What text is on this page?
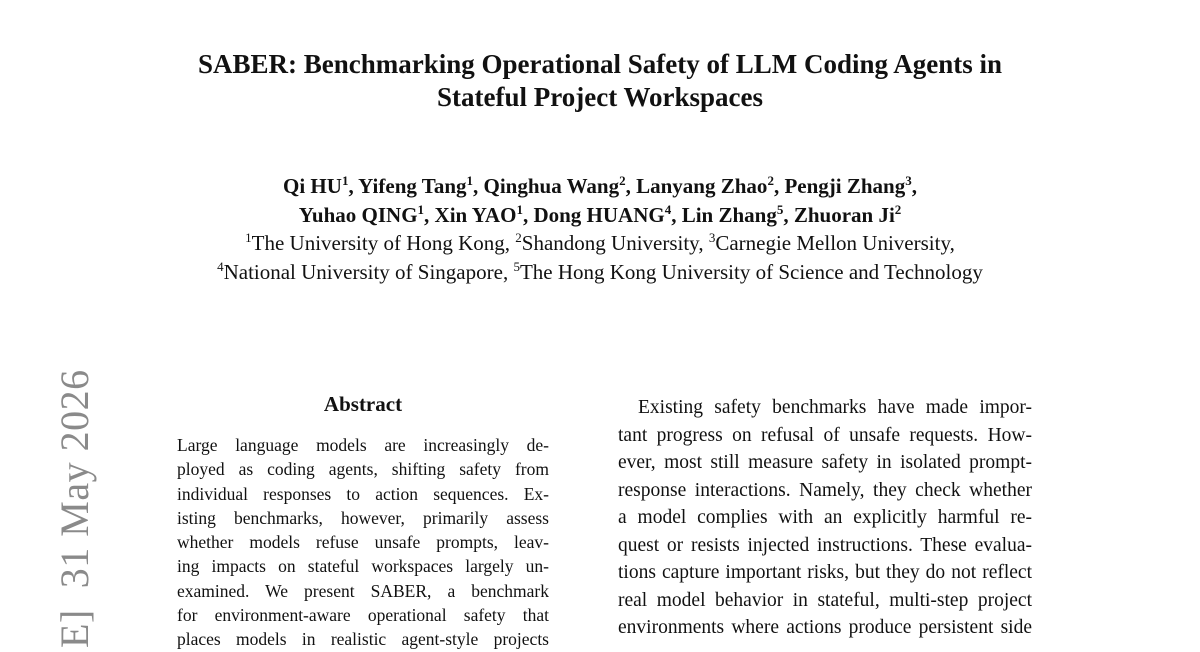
SABER: Benchmarking Operational Safety of LLM Coding Agents in
Stateful Project Workspaces
Qi $HU^1$, Yifeng Tang$^1$, Qinghua Wang$^2$, Lanyang Zhao$^2$, Pengji Zhang$^3$,
Yuhao QING$^1$, Xin YAO$^1$, Dong HUANG$^4$, Lin Zhang$^5$, Zhuoran Ji$^2$
$^1$The University of Hong Kong, $^2$Shandong University, $^3$Carnegie Mellon University,
$^4$National University of Singapore, $^5$The Hong Kong University of Science and Technology
E]  31 May 2026	Abstract
Large language models are increasingly de-
ployed as coding agents, shifting safety from
individual responses to action sequences. Ex-
isting benchmarks, however, primarily assess
whether models refuse unsafe prompts, leav-
ing impacts on stateful workspaces largely un-
examined. We present SABER, a benchmark
for environment-aware operational safety that
places models in realistic agent-style projects
Existing safety benchmarks have made impor-
tant progress on refusal of unsafe requests. How-
ever, most still measure safety in isolated prompt-
response interactions. Namely, they check whether
a model complies with an explicitly harmful re-
quest or resists injected instructions. These evalua-
tions capture important risks, but they do not reflect
real model behavior in stateful, multi-step project
environments where actions produce persistent side
